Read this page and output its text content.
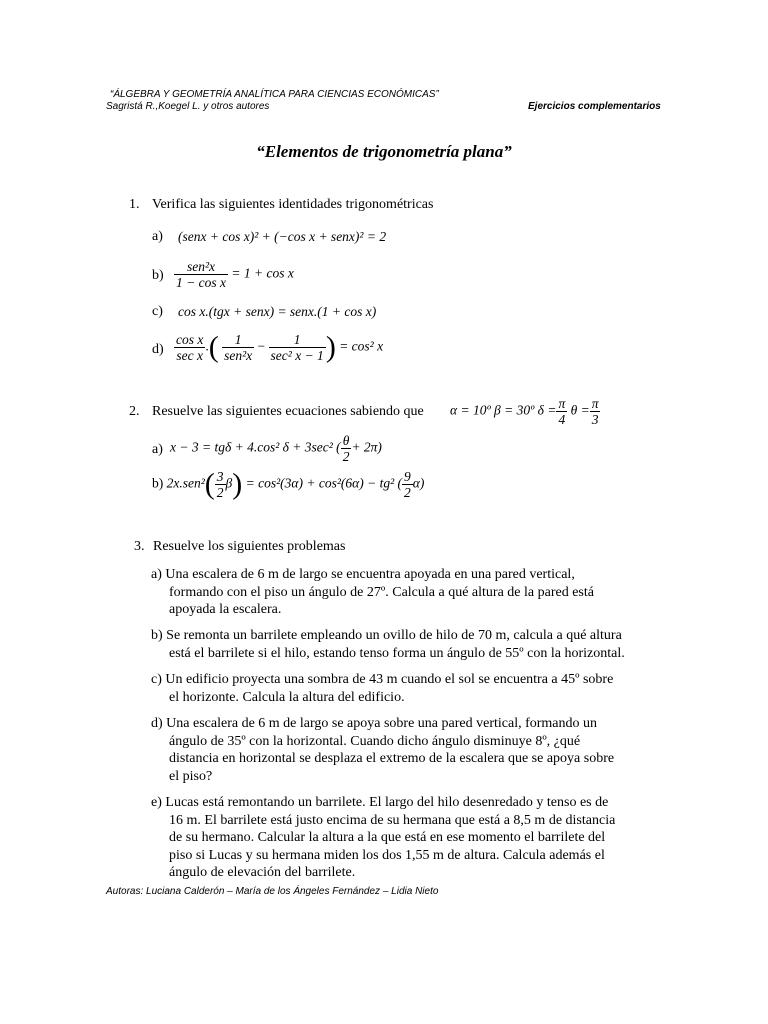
“ÁLGEBRA Y GEOMETRÍA ANALÍTICA PARA CIENCIAS ECONÓMICAS”
Sagristá R.,Koegel L. y otros autores	Ejercicios complementarios
“Elementos de trigonometría plana”
1. Verifica las siguientes identidades trigonométricas
a) (senx + cos x)² + (−cos x + senx)² = 2
$b) \frac{\text{sen²x}}{\text{1 − cos x}} = 1 + \cos x$
c) cos x.(tgx + senx) = senx.(1 + cos x)
$d) \frac{\text{cos x}}{\text{sec x}}$ .( $\frac{1}{\text{sen²x}} - \frac{1}{\text{sec² x − 1}}$ ) = cos² x
2. Resuelve las siguientes ecuaciones sabiendo que α = 10º β = 30º $\delta = \frac{\pi}{4}$ $\theta = \frac{\pi}{3}$
a) x − 3 = tgδ + 4.cos² δ + 3sec² ( $\frac{\theta}{2} + 2\pi$)
b) $2x.sen^2( \frac{3}{2} \beta) = \cos^2(3\alpha) + \cos^2(6\alpha) - tg^2$ ( $\frac{9}{2} \alpha$)
3. Resuelve los siguientes problemas
a) Una escalera de 6 m de largo se encuentra apoyada en una pared vertical,
formando con el piso un ángulo de 27º. Calcula a qué altura de la pared está
apoyada la escalera.
b) Se remonta un barrilete empleando un ovillo de hilo de 70 m, calcula a qué altura
está el barrilete si el hilo, estando tenso forma un ángulo de 55º con la horizontal.
c) Un edificio proyecta una sombra de 43 m cuando el sol se encuentra a 45º sobre
el horizonte. Calcula la altura del edificio.
d) Una escalera de 6 m de largo se apoya sobre una pared vertical, formando un
ángulo de 35º con la horizontal. Cuando dicho ángulo disminuye 8º, ¿qué
distancia en horizontal se desplaza el extremo de la escalera que se apoya sobre
el piso?
e) Lucas está remontando un barrilete. El largo del hilo desenredado y tenso es de
16 m. El barrilete está justo encima de su hermana que está a 8,5 m de distancia
de su hermano. Calcular la altura a la que está en ese momento el barrilete del
piso si Lucas y su hermana miden los dos 1,55 m de altura. Calcula además el
ángulo de elevación del barrilete.
Autoras: Luciana Calderón – María de los Ángeles Fernández – Lidia Nieto
